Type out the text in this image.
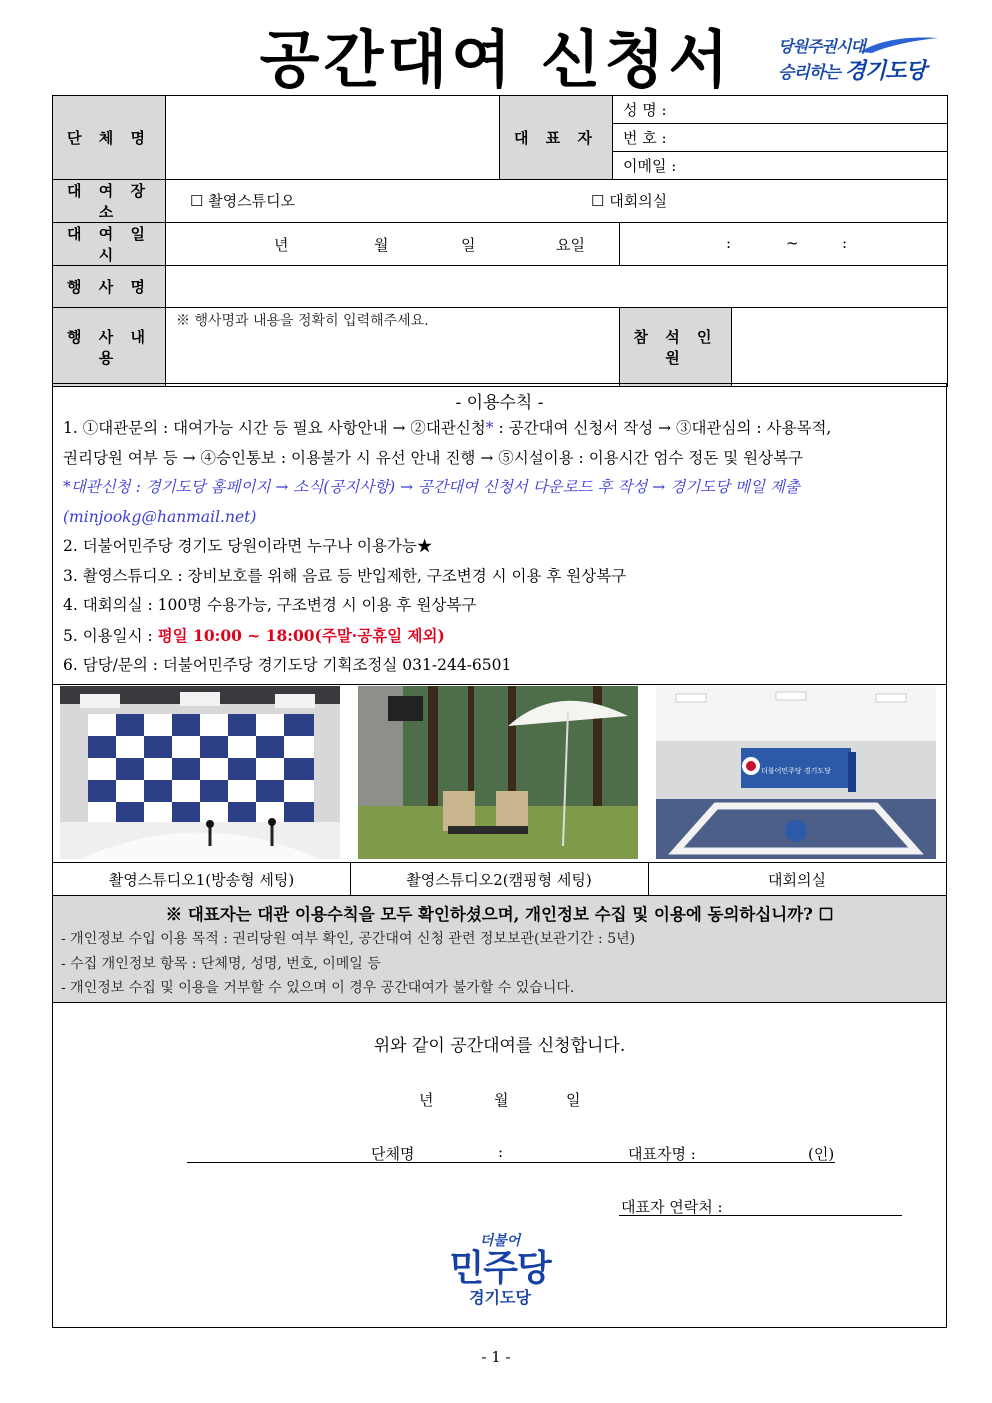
공간대여 신청서	당원주권시대
승리하는 경기도당
단 체 명		대 표 자	성 명 :
번 호 :
이메일 :		

대 여 장 소	☐ 촬영스튜디오 ☐ 대회의실				

대 여 일 시	년 월 일 요일			: ~ :	

행 사 명					
행 사 내 용	※ 행사명과 내용을 정확히 입력해주세요.			참 석 인 원	
- 이용수칙 -

1. ①대관문의 : 대여가능 시간 등 필요 사항안내 → ②대관신청* : 공간대여 신청서 작성 → ③대관심의 : 사용목적,

권리당원 여부 등 → ④승인통보 : 이용불가 시 유선 안내 진행 → ⑤시설이용 : 이용시간 엄수 정돈 및 원상복구

*대관신청 : 경기도당 홈페이지 → 소식(공지사항) → 공간대여 신청서 다운로드 후 작성 → 경기도당 메일 제출

(minjookg@hanmail.net)

2. 더불어민주당 경기도 당원이라면 누구나 이용가능★

3. 촬영스튜디오 : 장비보호를 위해 음료 등 반입제한, 구조변경 시 이용 후 원상복구

4. 대회의실 : 100명 수용가능, 구조변경 시 이용 후 원상복구

5. 이용일시 : 평일 10:00 ~ 18:00(주말·공휴일 제외)

6. 담당/문의 : 더불어민주당 경기도당 기획조정실 031-244-6501

더불어민주당 경기도당
촬영스튜디오1(방송형 세팅)	촬영스튜디오2(캠핑형 세팅)	대회의실
※ 대표자는 대관 이용수칙을 모두 확인하셨으며, 개인정보 수집 및 이용에 동의하십니까? ☐
- 개인정보 수입 이용 목적 : 권리당원 여부 확인, 공간대여 신청 관련 정보보관(보관기간 : 5년)
- 수집 개인정보 항목 : 단체명, 성명, 번호, 이메일 등
- 개인정보 수집 및 이용을 거부할 수 있으며 이 경우 공간대여가 불가할 수 있습니다.
위와 같이 공간대여를 신청합니다.
년	월	일
단체명	:	대표자명 :	(인)
대표자 연락처 :
더불어
민주당
경기도당
- 1 -
